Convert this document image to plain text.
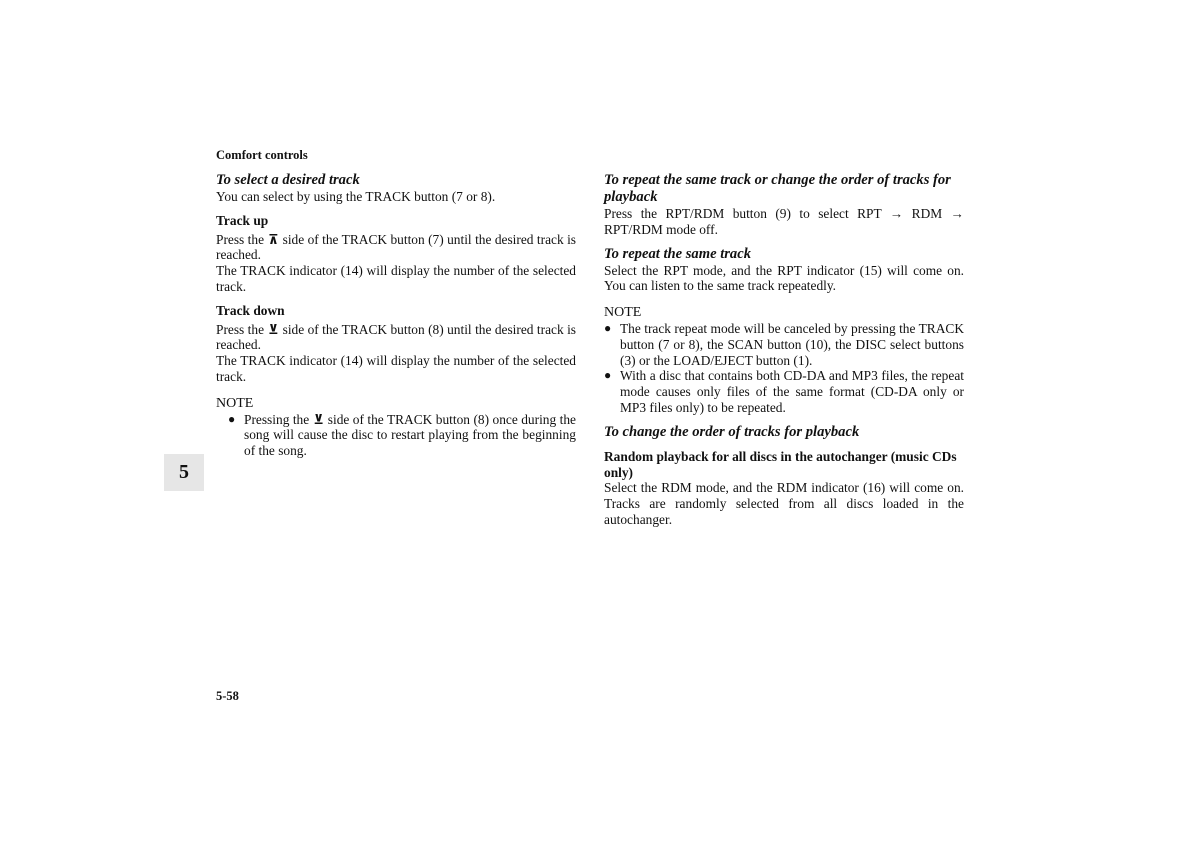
Comfort controls
To select a desired track

You can select by using the TRACK button (7 or 8).

Track up

Press the ⊼ side of the TRACK button (7) until the desired track is reached.

The TRACK indicator (14) will display the number of the selected track.

Track down

Press the ⊻ side of the TRACK button (8) until the desired track is reached.

The TRACK indicator (14) will display the number of the selected track.

NOTE
● Pressing the ⊻ side of the TRACK button (8) once during the song will cause the disc to restart playing from the beginning of the song.
To repeat the same track or change the order of tracks for playback

Press the RPT/RDM button (9) to select RPT → RDM → RPT/RDM mode off.

To repeat the same track

Select the RPT mode, and the RPT indicator (15) will come on. You can listen to the same track repeatedly.

NOTE
● The track repeat mode will be canceled by pressing the TRACK button (7 or 8), the SCAN button (10), the DISC select buttons (3) or the LOAD/EJECT button (1).
● With a disc that contains both CD-DA and MP3 files, the repeat mode causes only files of the same format (CD-DA only or MP3 files only) to be repeated.
To change the order of tracks for playback
Random playback for all discs in the autochanger (music CDs only)

Select the RDM mode, and the RDM indicator (16) will come on. Tracks are randomly selected from all discs loaded in the autochanger.

5
5-58
